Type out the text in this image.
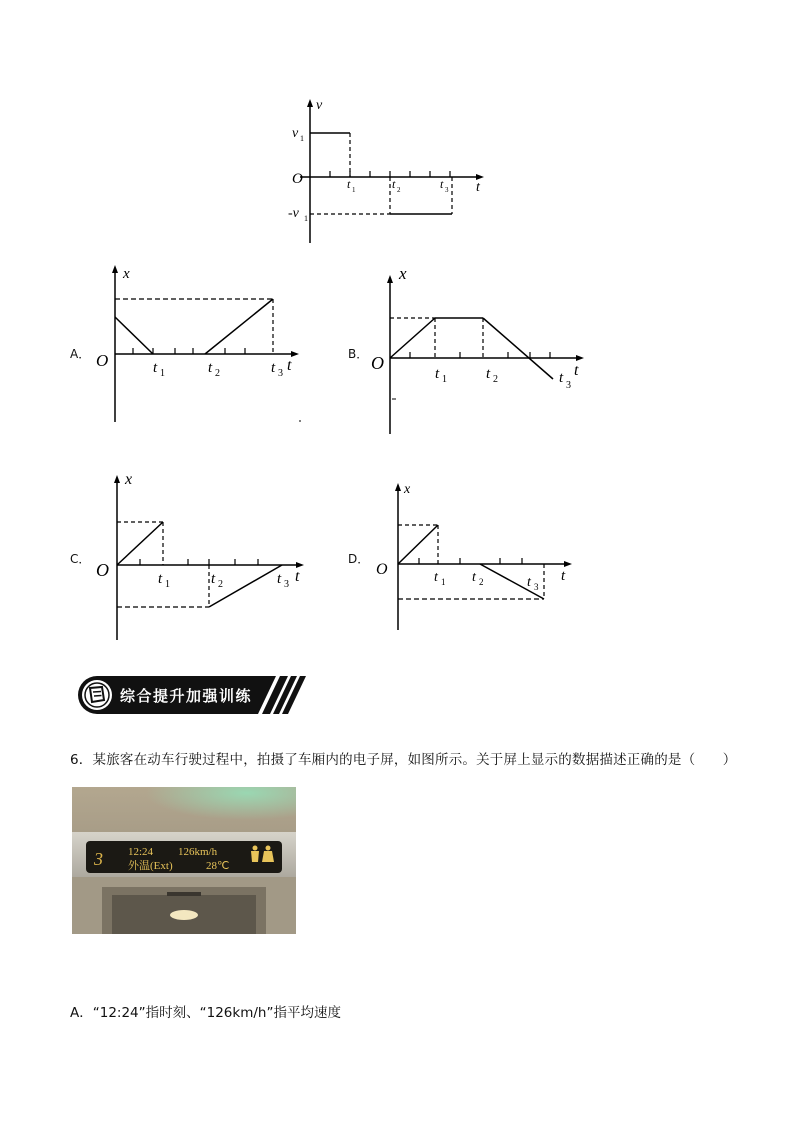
v
t
O
v 1
-v 1
t 1	t 2	t 3
A．
x
t
O	t 1	t 2	t 3
B．
x
t
O
t 1	t 2	t 3
C．
x
t
O	t 1	t 2	t 3
D．
x
t
O	t 1 t 2	t 3
综合提升加强训练
6．某旅客在动车行驶过程中，拍摄了车厢内的电子屏，如图所示。关于屏上显示的数据描述正确的是（　　）
3 12:24 126km/h
外温(Ext)	28℃
A．“12:24”指时刻、“126km/h”指平均速度
